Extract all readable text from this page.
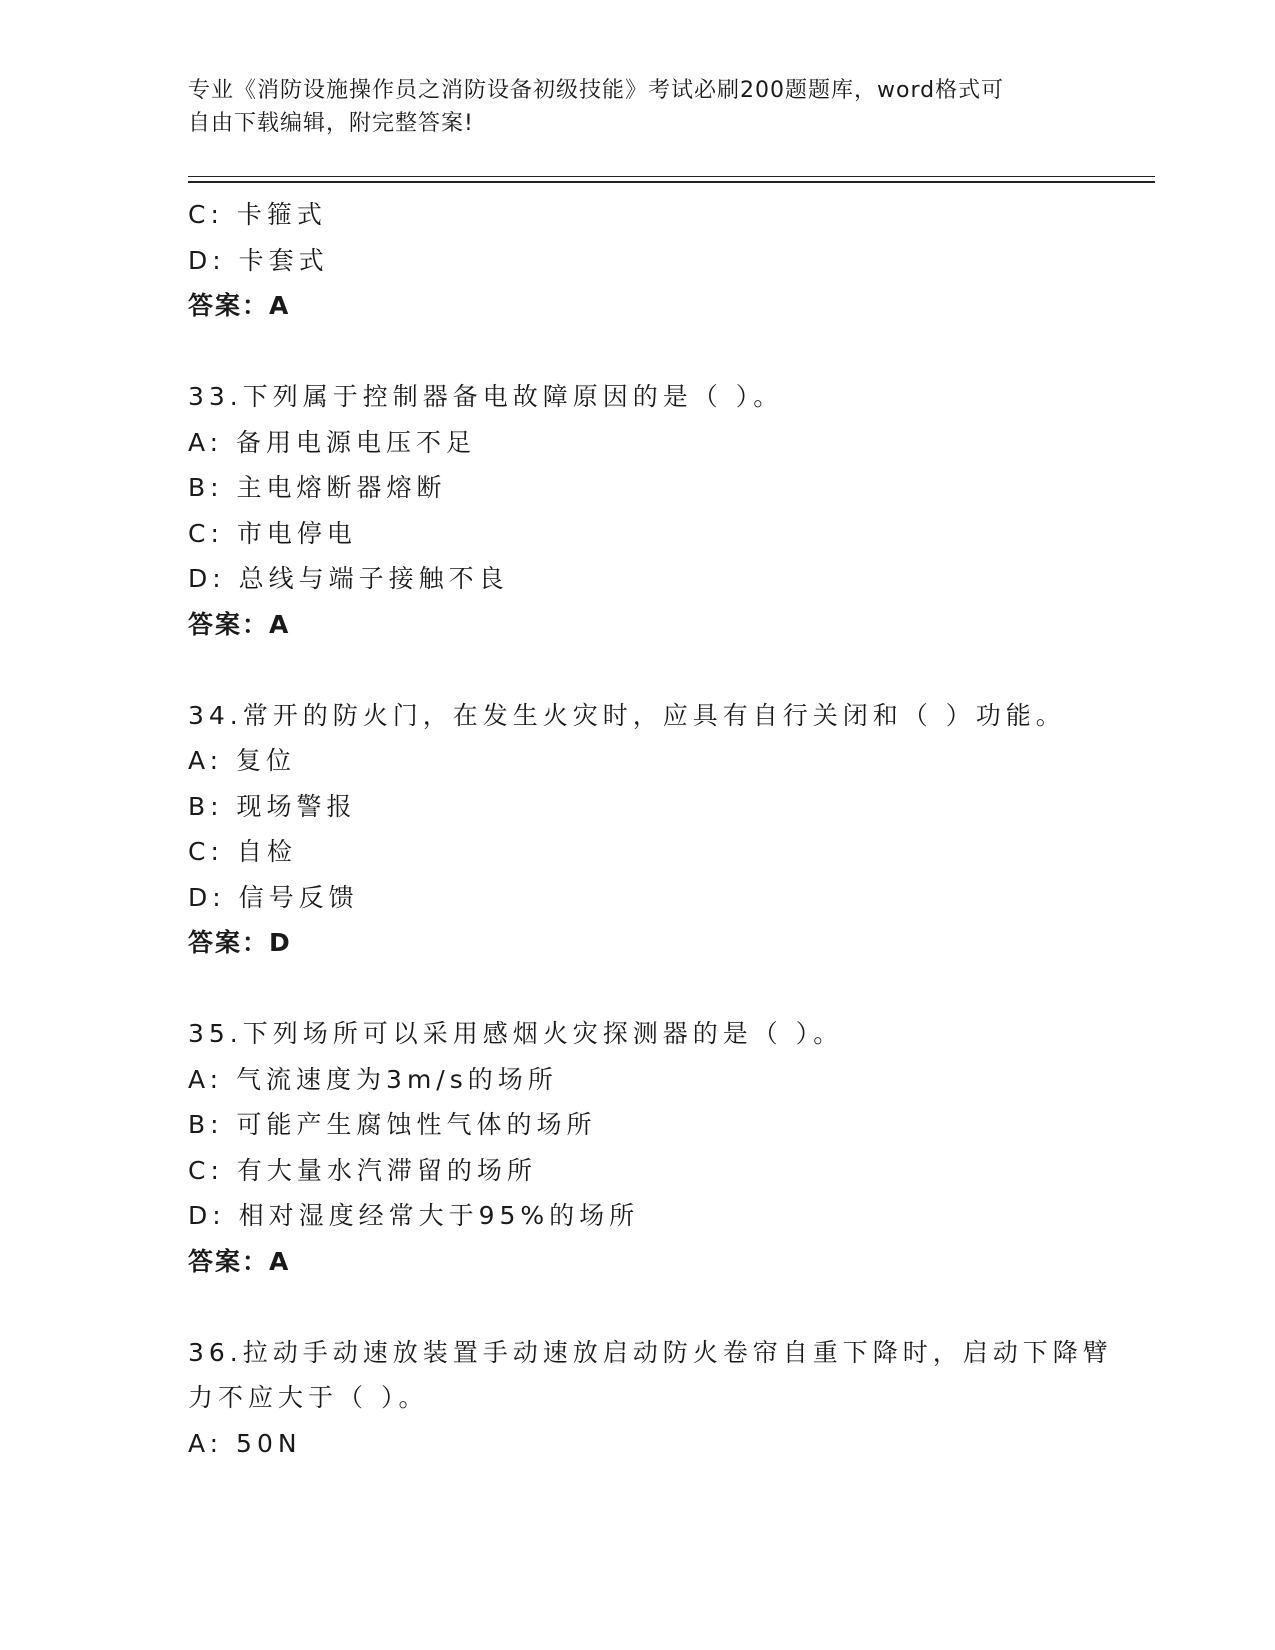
专业《消防设施操作员之消防设备初级技能》考试必刷200题题库，word格式可
自由下载编辑，附完整答案!
C: 卡箍式
D: 卡套式
答案：A
33.下列属于控制器备电故障原因的是（ ）。
A: 备用电源电压不足
B: 主电熔断器熔断
C: 市电停电
D: 总线与端子接触不良
答案：A
34.常开的防火门，在发生火灾时，应具有自行关闭和（ ）功能。
A: 复位
B: 现场警报
C: 自检
D: 信号反馈
答案：D
35.下列场所可以采用感烟火灾探测器的是（ ）。
A: 气流速度为3m/s的场所
B: 可能产生腐蚀性气体的场所
C: 有大量水汽滞留的场所
D: 相对湿度经常大于95%的场所
答案：A
36.拉动手动速放装置手动速放启动防火卷帘自重下降时，启动下降臂
力不应大于（ ）。
A: 50N
